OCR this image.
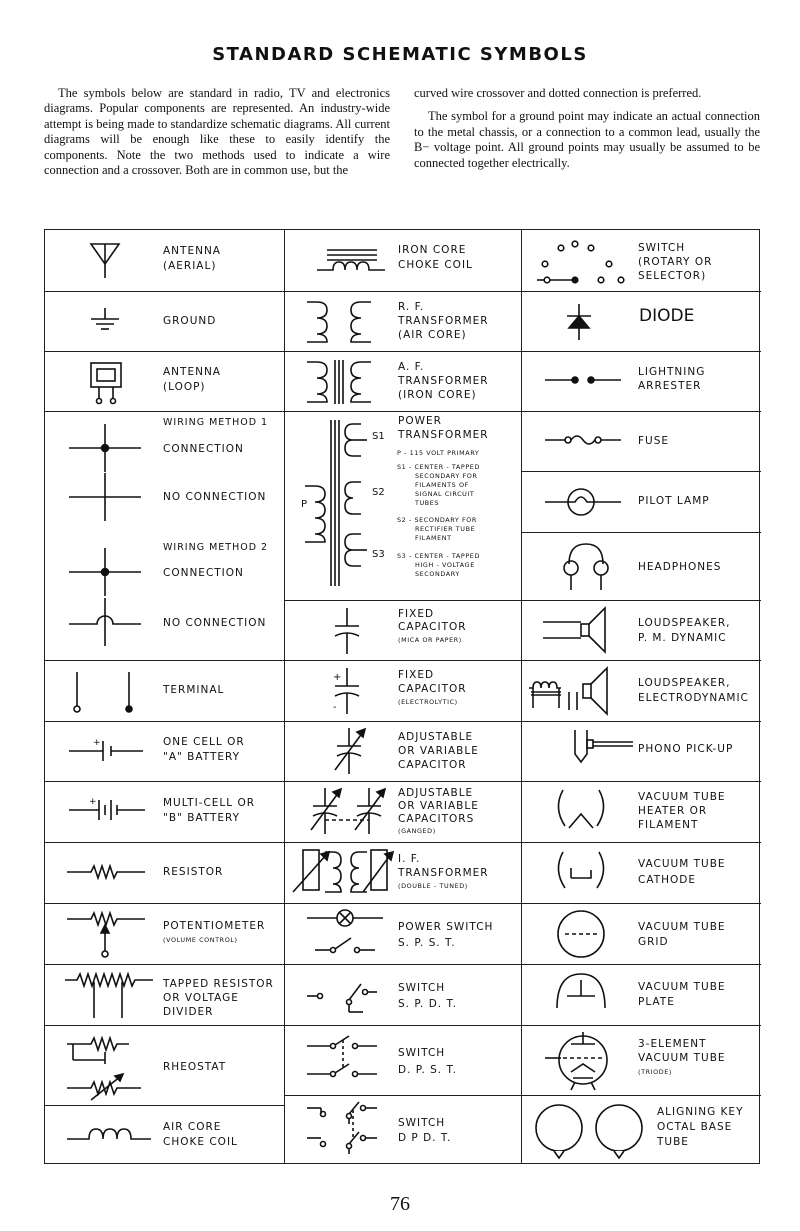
STANDARD SCHEMATIC SYMBOLS

The symbols below are standard in radio, TV and electronics diagrams. Popular components are represented. An industry-wide attempt is being made to standardize schematic diagrams. All current diagrams will be enough like these to easily identify the components. Note the two methods used to indicate a wire connection and a crossover. Both are in common use, but the

curved wire crossover and dotted connection is preferred.

The symbol for a ground point may indicate an actual connection to the metal chassis, or a connection to a common lead, usually the B− voltage point. All ground points may usually be assumed to be connected together electrically.

ANTENNA
(AERIAL)
GROUND
ANTENNA
(LOOP)
WIRING METHOD 1
CONNECTION
NO CONNECTION
WIRING METHOD 2
CONNECTION
NO CONNECTION
TERMINAL
+	ONE CELL OR
"A" BATTERY
+	MULTI-CELL OR
"B" BATTERY
RESISTOR
POTENTIOMETER
(VOLUME CONTROL)
TAPPED RESISTOR
OR VOLTAGE
DIVIDER
RHEOSTAT
AIR CORE
CHOKE COIL
IRON CORE
CHOKE COIL
R. F.
TRANSFORMER
(AIR CORE)
A. F.
TRANSFORMER
(IRON CORE)
P
S1
S2
S3
POWER
TRANSFORMER
P - 115 VOLT PRIMARY
S1 - CENTER - TAPPED
SECONDARY FOR
FILAMENTS OF
SIGNAL CIRCUIT
TUBES
S2 - SECONDARY FOR
RECTIFIER TUBE
FILAMENT
S3 - CENTER - TAPPED
HIGH - VOLTAGE
SECONDARY
FIXED
CAPACITOR
(MICA OR PAPER)
+
-
FIXED
CAPACITOR
(ELECTROLYTIC)
ADJUSTABLE
OR VARIABLE
CAPACITOR
ADJUSTABLE
OR VARIABLE
CAPACITORS
(GANGED)
I. F.
TRANSFORMER
(DOUBLE - TUNED)
POWER SWITCH
S. P. S. T.
SWITCH
S. P. D. T.
SWITCH
D. P. S. T.
SWITCH
D P D. T.
SWITCH
(ROTARY OR
SELECTOR)
DIODE
LIGHTNING
ARRESTER
FUSE
PILOT LAMP
HEADPHONES
LOUDSPEAKER,
P. M. DYNAMIC
LOUDSPEAKER,
ELECTRODYNAMIC
PHONO PICK-UP
VACUUM TUBE
HEATER OR
FILAMENT
VACUUM TUBE
CATHODE
VACUUM TUBE
GRID
VACUUM TUBE
PLATE
3-ELEMENT
VACUUM TUBE
(TRIODE)
ALIGNING KEY
OCTAL BASE
TUBE
76
